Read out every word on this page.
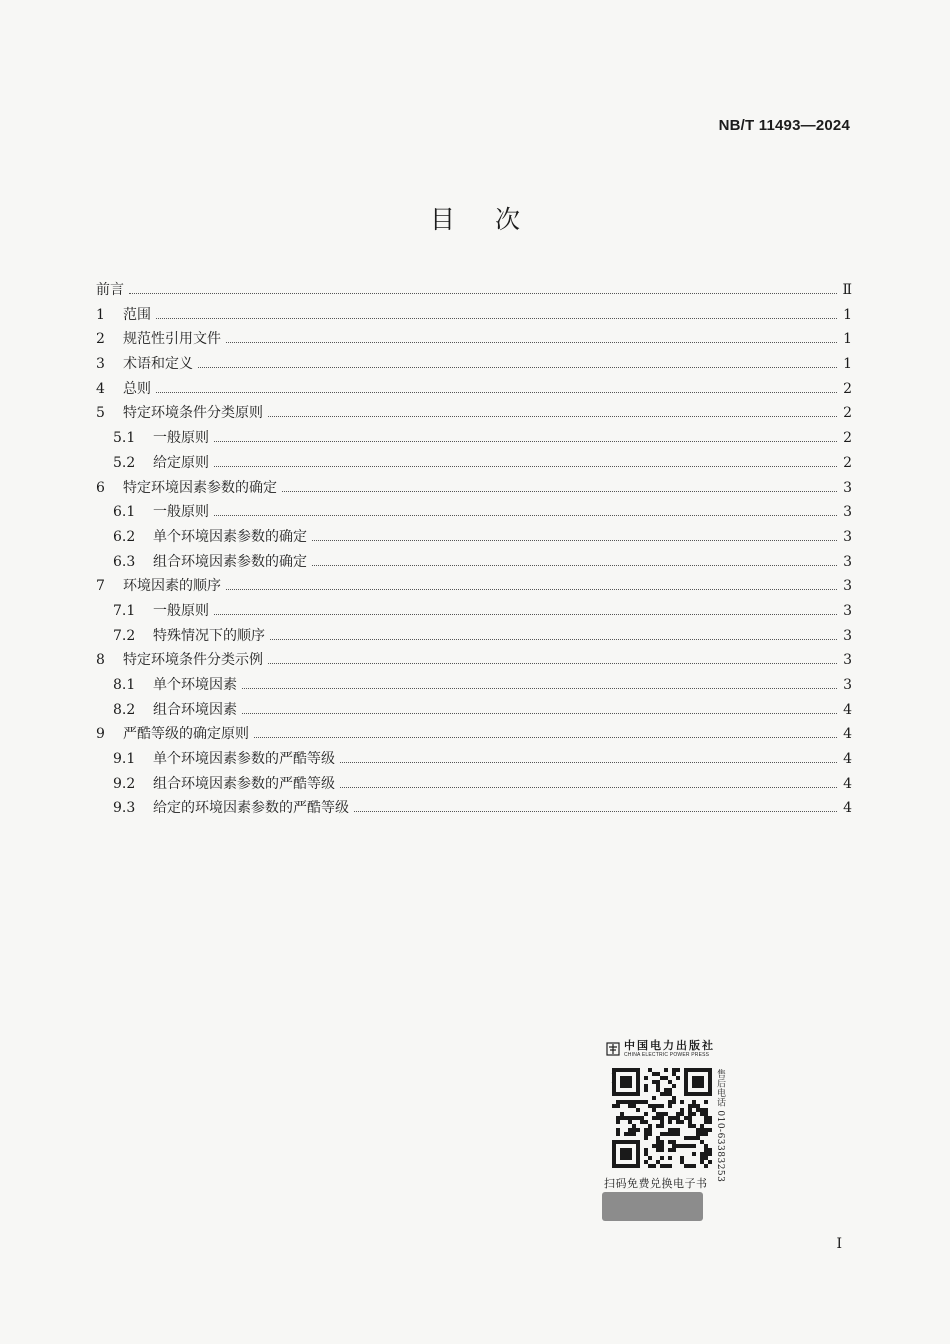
NB/T 11493—2024
目次
前言	Ⅱ
1	范围	1
2	规范性引用文件	1
3	术语和定义	1
4	总则	2
5	特定环境条件分类原则	2
5.1	一般原则	2
5.2	给定原则	2
6	特定环境因素参数的确定	3
6.1	一般原则	3
6.2	单个环境因素参数的确定	3
6.3	组合环境因素参数的确定	3
7	环境因素的顺序	3
7.1	一般原则	3
7.2	特殊情况下的顺序	3
8	特定环境条件分类示例	3
8.1	单个环境因素	3
8.2	组合环境因素	4
9	严酷等级的确定原则	4
9.1	单个环境因素参数的严酷等级	4
9.2	组合环境因素参数的严酷等级	4
9.3	给定的环境因素参数的严酷等级	4
I
中国电力出版社
CHINA ELECTRIC POWER PRESS
售后电话 010-63383253
扫码免费兑换电子书
